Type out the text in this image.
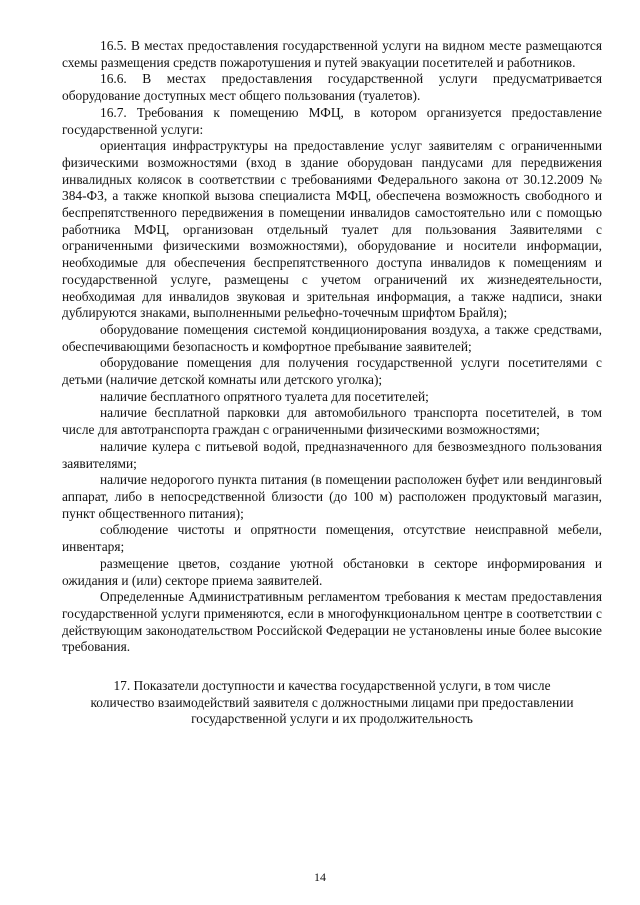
16.5. В местах предоставления государственной услуги на видном месте размещаются схемы размещения средств пожаротушения и путей эвакуации посетителей и работников.

16.6. В местах предоставления государственной услуги предусматривается оборудование доступных мест общего пользования (туалетов).

16.7. Требования к помещению МФЦ, в котором организуется предоставление государственной услуги:

ориентация инфраструктуры на предоставление услуг заявителям с ограниченными физическими возможностями (вход в здание оборудован пандусами для передвижения инвалидных колясок в соответствии с требованиями Федерального закона от 30.12.2009 № 384-ФЗ, а также кнопкой вызова специалиста МФЦ, обеспечена возможность свободного и беспрепятственного передвижения в помещении инвалидов самостоятельно или с помощью работника МФЦ, организован отдельный туалет для пользования Заявителями с ограниченными физическими возможностями), оборудование и носители информации, необходимые для обеспечения беспрепятственного доступа инвалидов к помещениям и государственной услуге, размещены с учетом ограничений их жизнедеятельности, необходимая для инвалидов звуковая и зрительная информация, а также надписи, знаки дублируются знаками, выполненными рельефно-точечным шрифтом Брайля);

оборудование помещения системой кондиционирования воздуха, а также средствами, обеспечивающими безопасность и комфортное пребывание заявителей;

оборудование помещения для получения государственной услуги посетителями с детьми (наличие детской комнаты или детского уголка);

наличие бесплатного опрятного туалета для посетителей;

наличие бесплатной парковки для автомобильного транспорта посетителей, в том числе для автотранспорта граждан с ограниченными физическими возможностями;

наличие кулера с питьевой водой, предназначенного для безвозмездного пользования заявителями;

наличие недорогого пункта питания (в помещении расположен буфет или вендинговый аппарат, либо в непосредственной близости (до 100 м) расположен продуктовый магазин, пункт общественного питания);

соблюдение чистоты и опрятности помещения, отсутствие неисправной мебели, инвентаря;

размещение цветов, создание уютной обстановки в секторе информирования и ожидания и (или) секторе приема заявителей.

Определенные Административным регламентом требования к местам предоставления государственной услуги применяются, если в многофункциональном центре в соответствии с действующим законодательством Российской Федерации не установлены иные более высокие требования.

17. Показатели доступности и качества государственной услуги, в том числе количество взаимодействий заявителя с должностными лицами при предоставлении государственной услуги и их продолжительность

14
